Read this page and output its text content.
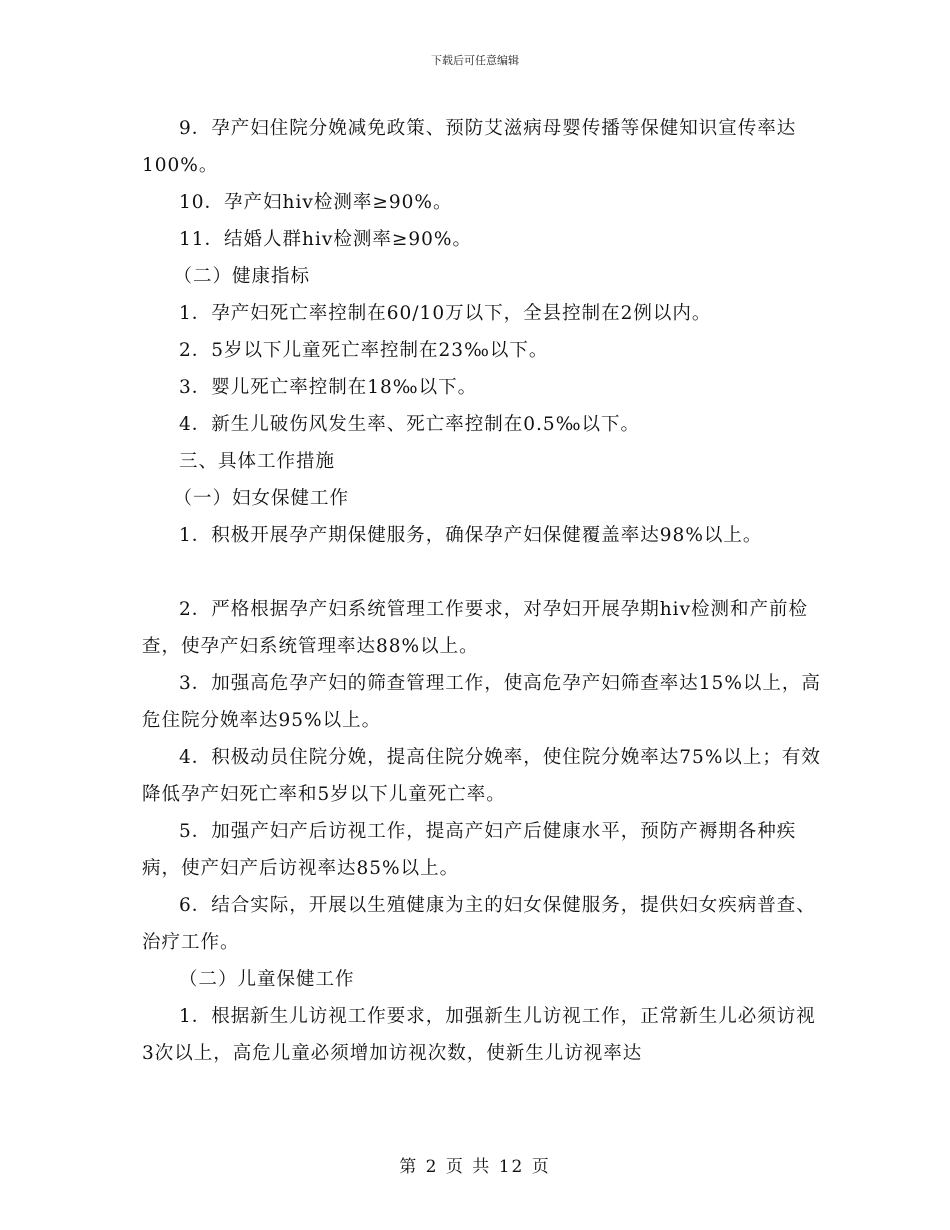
下载后可任意编辑

9．孕产妇住院分娩减免政策、预防艾滋病母婴传播等保健知识宣传率达100%。

10．孕产妇hiv检测率≥90%。

11．结婚人群hiv检测率≥90%。

（二）健康指标

1．孕产妇死亡率控制在60/10万以下，全县控制在2例以内。

2．5岁以下儿童死亡率控制在23‰以下。

3．婴儿死亡率控制在18‰以下。

4．新生儿破伤风发生率、死亡率控制在0.5‰以下。

三、具体工作措施

（一）妇女保健工作

1．积极开展孕产期保健服务，确保孕产妇保健覆盖率达98%以上。

2．严格根据孕产妇系统管理工作要求，对孕妇开展孕期hiv检测和产前检查，使孕产妇系统管理率达88%以上。

3．加强高危孕产妇的筛查管理工作，使高危孕产妇筛查率达15%以上，高危住院分娩率达95%以上。

4．积极动员住院分娩，提高住院分娩率，使住院分娩率达75%以上；有效降低孕产妇死亡率和5岁以下儿童死亡率。

5．加强产妇产后访视工作，提高产妇产后健康水平，预防产褥期各种疾病，使产妇产后访视率达85%以上。

6．结合实际，开展以生殖健康为主的妇女保健服务，提供妇女疾病普查、治疗工作。

（二）儿童保健工作

1．根据新生儿访视工作要求，加强新生儿访视工作，正常新生儿必须访视3次以上，高危儿童必须增加访视次数，使新生儿访视率达

第 2 页 共 12 页
